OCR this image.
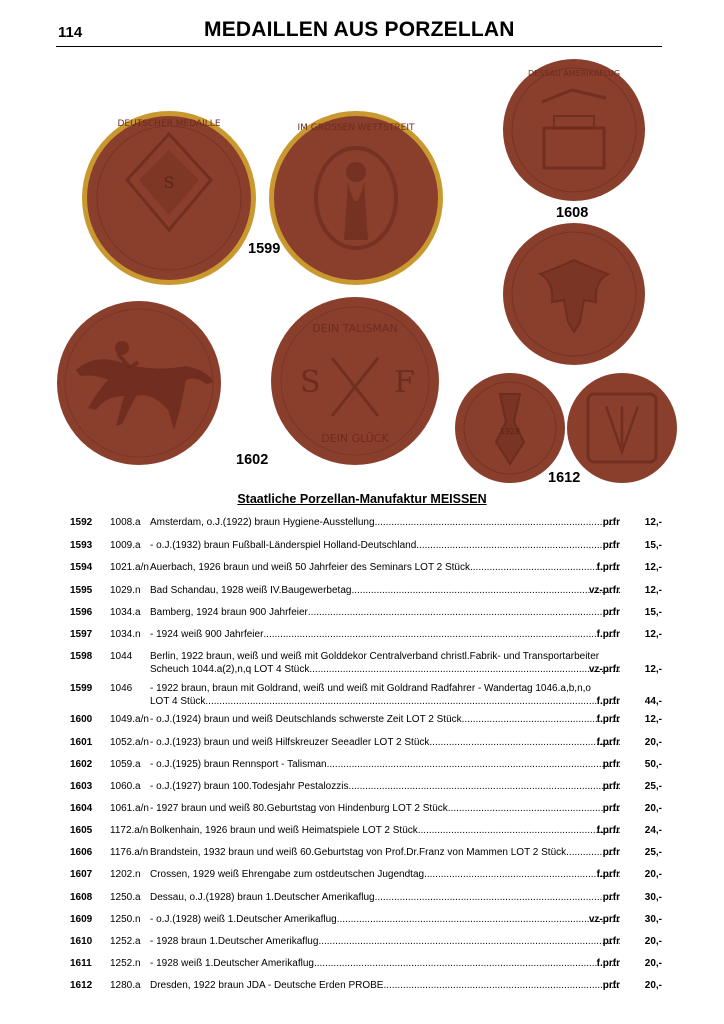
114	MEDAILLEN AUS PORZELLAN
S
DEUTSCHER MEDAILLE	IM GROSSEN WETTSTREIT
1599
DESSAU AMERIKAFLUG
1608
S F
DEIN TALISMAN
DEIN GLÜCK
1602
1928
1612
Staatliche Porzellan-Manufaktur MEISSEN
1592	1008.a Amsterdam, o.J.(1922) braun Hygiene-Ausstellung	prfr ..... 12,-
1593	1009.a - o.J.(1932) braun Fußball-Länderspiel Holland-Deutschland	prfr ..... 15,-
1594	1021.a/n Auerbach, 1926 braun und weiß 50 Jahrfeier des Seminars LOT 2 Stück	f.prfr ..... 12,-
1595	1029.n Bad Schandau, 1928 weiß IV.Baugewerbetag	vz-prfr ..... 12,-
1596	1034.a Bamberg, 1924 braun 900 Jahrfeier	prfr ..... 15,-
1597	1034.n - 1924 weiß 900 Jahrfeier	f.prfr ..... 12,-
1598	1044 Berlin, 1922 braun, weiß und weiß mit Golddekor Centralverband christl.Fabrik- und Transportarbeiter
Scheuch 1044.a(2),n,q LOT 4 Stück	vz-prfr ..... 12,-
1599	1046 - 1922 braun, braun mit Goldrand, weiß und weiß mit Goldrand Radfahrer - Wandertag 1046.a,b,n,o
LOT 4 Stück	f.prfr ..... 44,-
1600	1049.a/n - o.J.(1924) braun und weiß Deutschlands schwerste Zeit LOT 2 Stück	f.prfr ..... 12,-
1601	1052.a/n - o.J.(1923) braun und weiß Hilfskreuzer Seeadler LOT 2 Stück	f.prfr ..... 20,-
1602	1059.a - o.J.(1925) braun Rennsport - Talisman	prfr ..... 50,-
1603	1060.a - o.J.(1927) braun 100.Todesjahr Pestalozzis	prfr ..... 25,-
1604	1061.a/n - 1927 braun und weiß 80.Geburtstag von Hindenburg LOT 2 Stück	prfr ..... 20,-
1605	1172.a/n Bolkenhain, 1926 braun und weiß Heimatspiele LOT 2 Stück	f.prfr ..... 24,-
1606	1176.a/n Brandstein, 1932 braun und weiß 60.Geburtstag von Prof.Dr.Franz von Mammen LOT 2 Stück	prfr ..... 25,-
1607	1202.n Crossen, 1929 weiß Ehrengabe zum ostdeutschen Jugendtag	f.prfr ..... 20,-
1608	1250.a Dessau, o.J.(1928) braun 1.Deutscher Amerikaflug	prfr ..... 30,-
1609	1250.n - o.J.(1928) weiß 1.Deutscher Amerikaflug	vz-prfr ..... 30,-
1610	1252.a - 1928 braun 1.Deutscher Amerikaflug	prfr ..... 20,-
1611	1252.n - 1928 weiß 1.Deutscher Amerikaflug	f.prfr ..... 20,-
1612	1280.a Dresden, 1922 braun JDA - Deutsche Erden PROBE	prfr ..... 20,-
